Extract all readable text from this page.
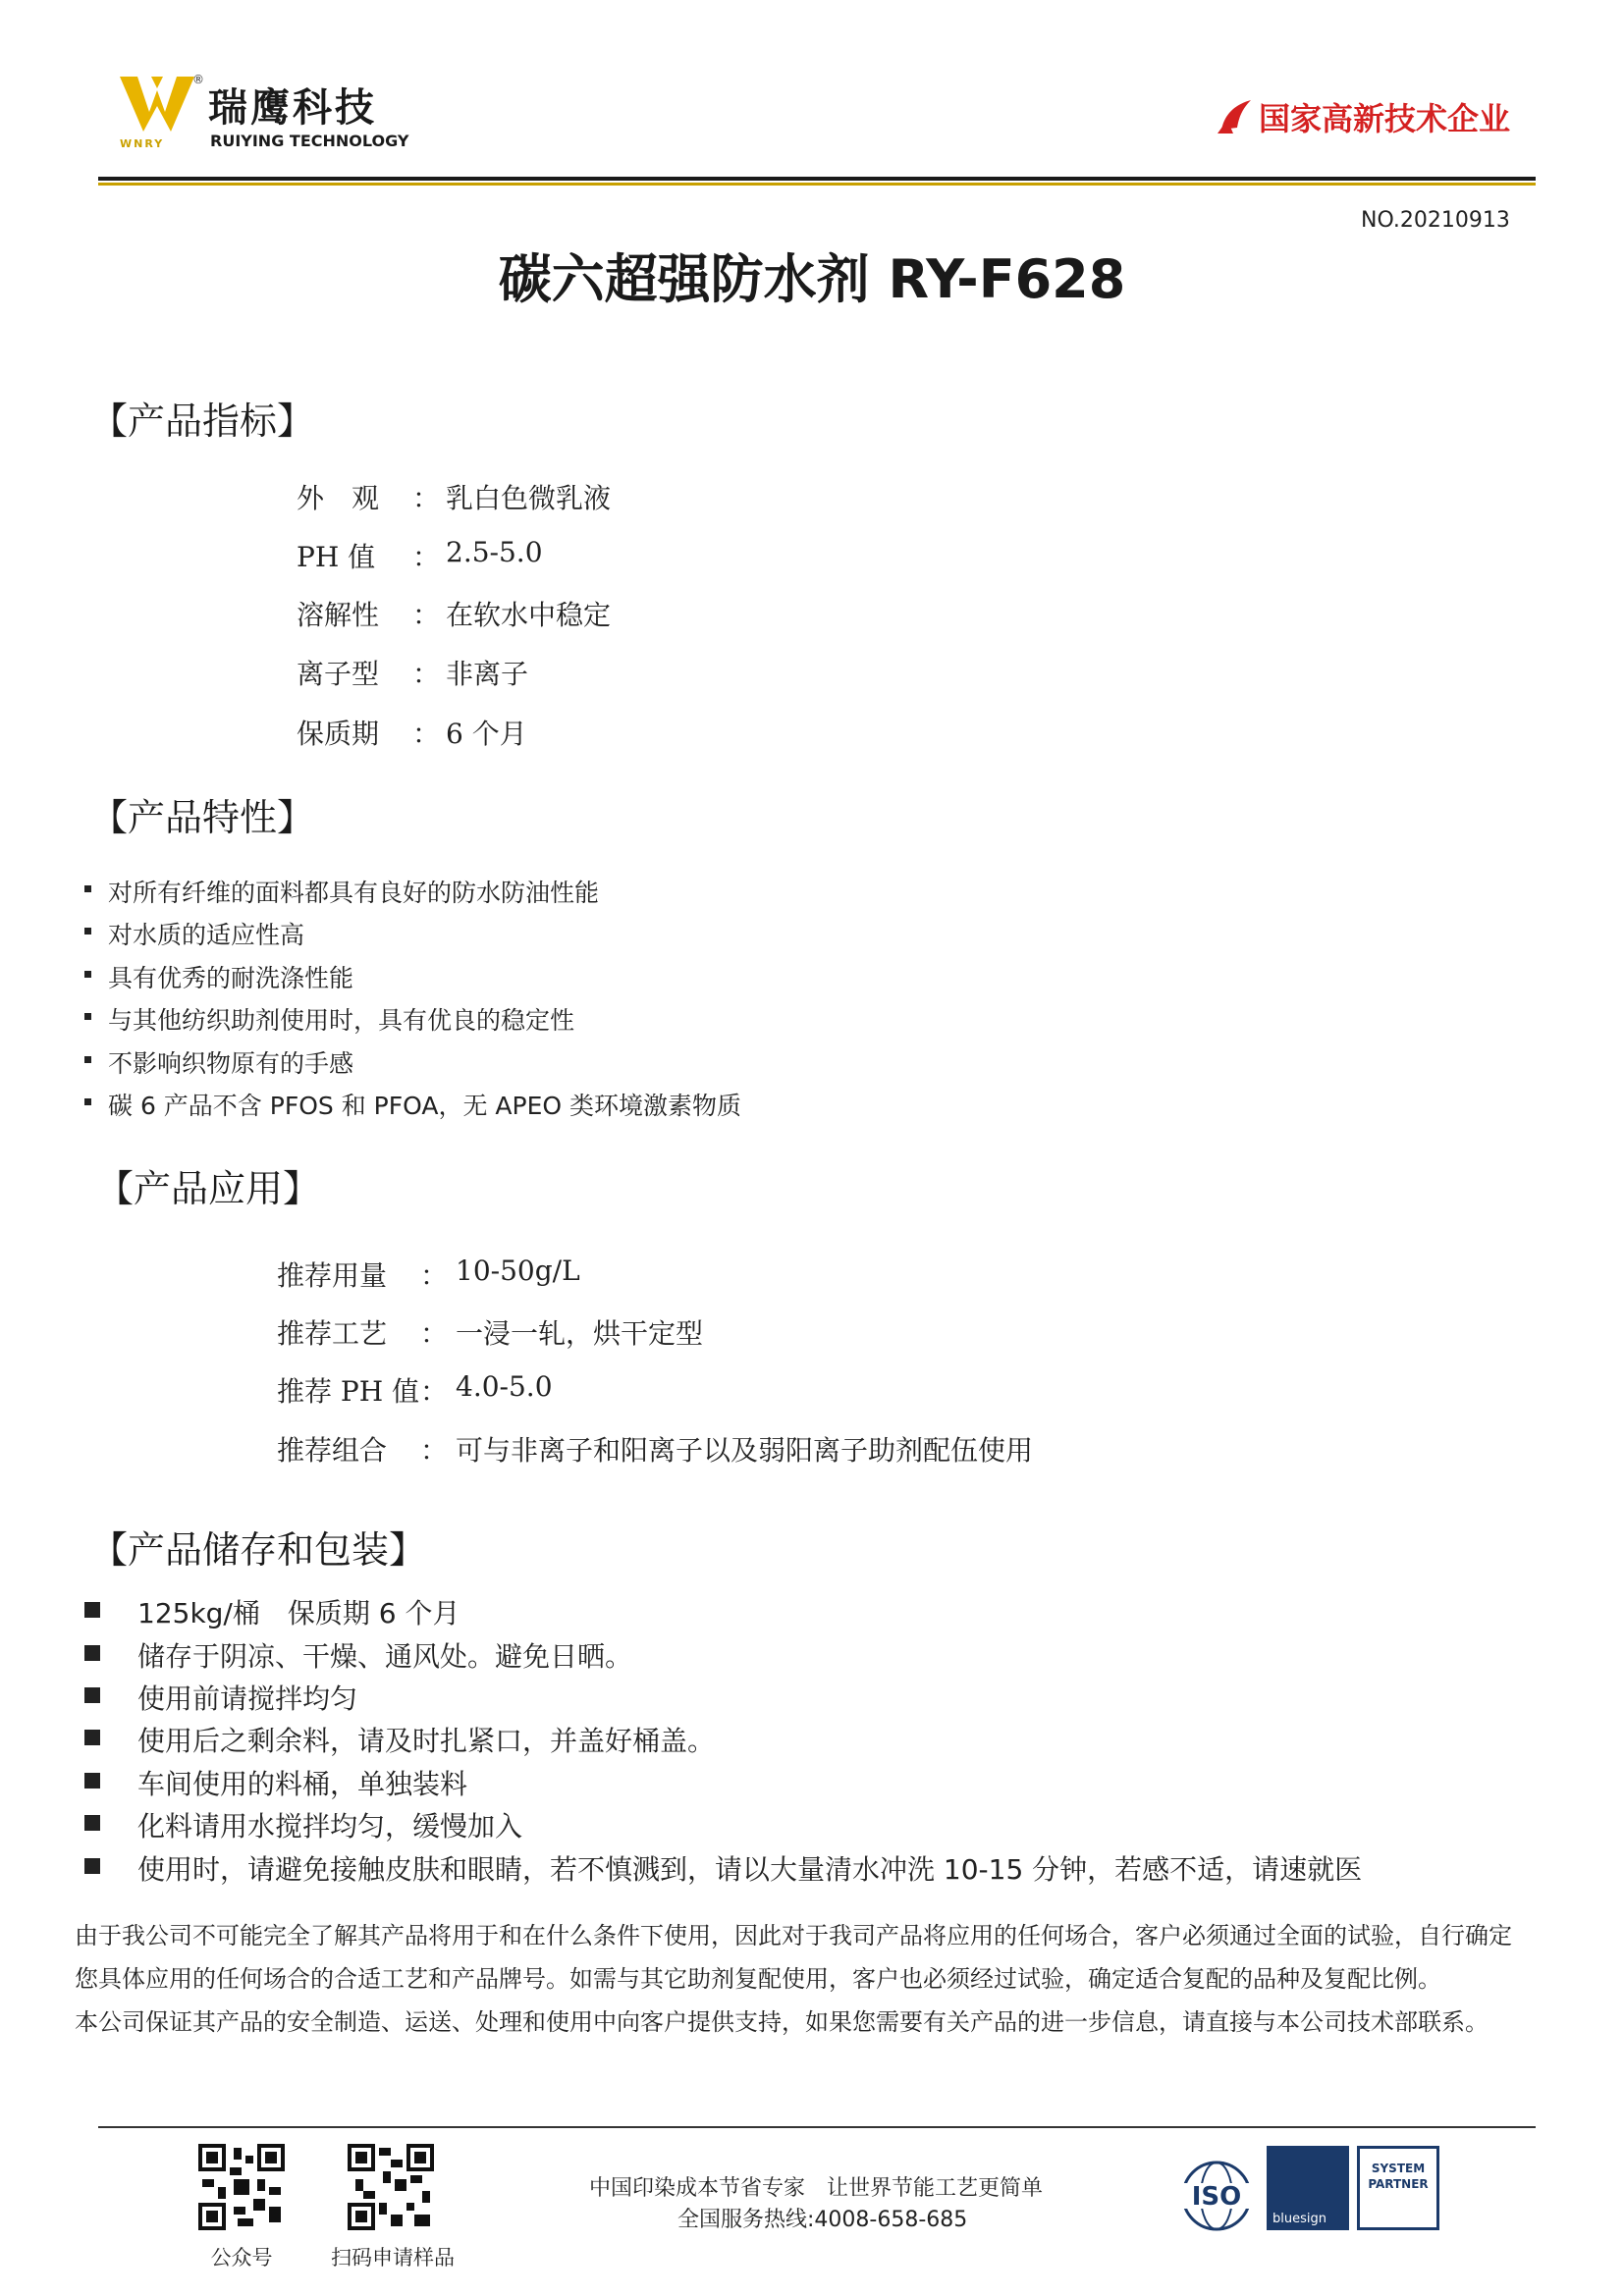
®
WNRY
瑞鹰科技
RUIYING TECHNOLOGY
国家高新技术企业
NO.20210913
碳六超强防水剂 RY-F628
【产品指标】
外　观 ： 乳白色微乳液
PH 值 ： 2.5-5.0
溶解性 ： 在软水中稳定
离子型 ： 非离子
保质期 ： 6 个月
【产品特性】
对所有纤维的面料都具有良好的防水防油性能
对水质的适应性高
具有优秀的耐洗涤性能
与其他纺织助剂使用时，具有优良的稳定性
不影响织物原有的手感
碳 6 产品不含 PFOS 和 PFOA，无 APEO 类环境激素物质
【产品应用】
推荐用量 ： 10-50g/L
推荐工艺 ： 一浸一轧，烘干定型
推荐 PH 值 ： 4.0-5.0
推荐组合 ： 可与非离子和阳离子以及弱阳离子助剂配伍使用
【产品储存和包装】
125kg/桶　保质期 6 个月
储存于阴凉、干燥、通风处。避免日晒。
使用前请搅拌均匀
使用后之剩余料，请及时扎紧口，并盖好桶盖。
车间使用的料桶，单独装料
化料请用水搅拌均匀，缓慢加入
使用时，请避免接触皮肤和眼睛，若不慎溅到，请以大量清水冲洗 10-15 分钟，若感不适，请速就医
由于我公司不可能完全了解其产品将用于和在什么条件下使用，因此对于我司产品将应用的任何场合，客户必须通过全面的试验，自行确定
您具体应用的任何场合的合适工艺和产品牌号。如需与其它助剂复配使用，客户也必须经过试验，确定适合复配的品种及复配比例。
本公司保证其产品的安全制造、运送、处理和使用中向客户提供支持，如果您需要有关产品的进一步信息，请直接与本公司技术部联系。
公众号	扫码申请样品
中国印染成本节省专家　让世界节能工艺更简单
全国服务热线:4008-658-685
ISO
bluesign
SYSTEM
PARTNER
